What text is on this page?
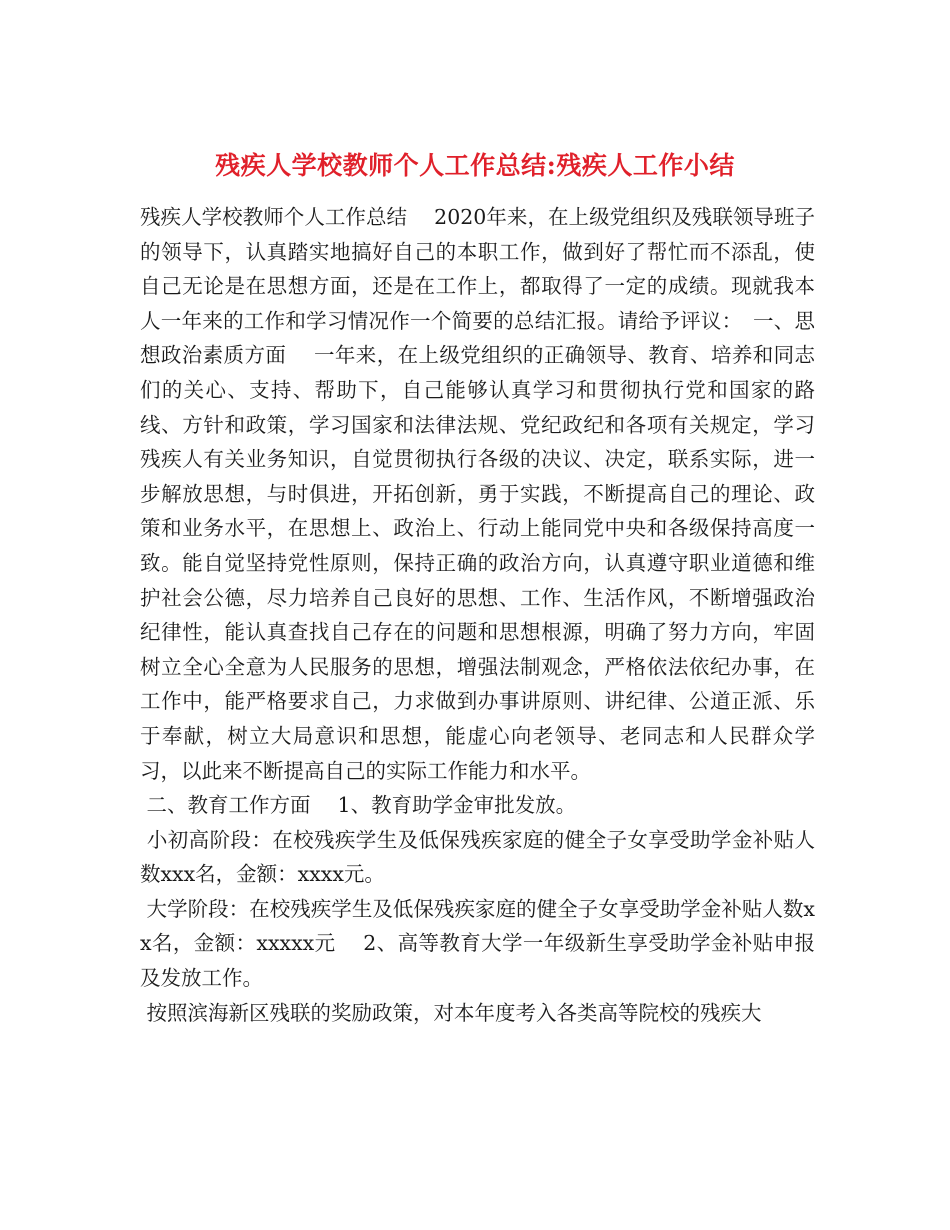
残疾人学校教师个人工作总结:残疾人工作小结

残疾人学校教师个人工作总结　 2020年来，在上级党组织及残联领导班子的领导下，认真踏实地搞好自己的本职工作，做到好了帮忙而不添乱，使自己无论是在思想方面，还是在工作上，都取得了一定的成绩。现就我本人一年来的工作和学习情况作一个简要的总结汇报。请给予评议：　一、思想政治素质方面　 一年来，在上级党组织的正确领导、教育、培养和同志们的关心、支持、帮助下，自己能够认真学习和贯彻执行党和国家的路线、方针和政策，学习国家和法律法规、党纪政纪和各项有关规定，学习残疾人有关业务知识，自觉贯彻执行各级的决议、决定，联系实际，进一步解放思想，与时俱进，开拓创新，勇于实践，不断提高自己的理论、政策和业务水平，在思想上、政治上、行动上能同党中央和各级保持高度一致。能自觉坚持党性原则，保持正确的政治方向，认真遵守职业道德和维护社会公德，尽力培养自己良好的思想、工作、生活作风，不断增强政治纪律性，能认真查找自己存在的问题和思想根源，明确了努力方向，牢固树立全心全意为人民服务的思想，增强法制观念，严格依法依纪办事，在工作中，能严格要求自己，力求做到办事讲原则、讲纪律、公道正派、乐于奉献，树立大局意识和思想，能虚心向老领导、老同志和人民群众学习，以此来不断提高自己的实际工作能力和水平。

二、教育工作方面　 1、教育助学金审批发放。

小初高阶段：在校残疾学生及低保残疾家庭的健全子女享受助学金补贴人数xxx名，金额：xxxx元。

大学阶段：在校残疾学生及低保残疾家庭的健全子女享受助学金补贴人数xx名，金额：xxxxx元　 2、高等教育大学一年级新生享受助学金补贴申报及发放工作。

按照滨海新区残联的奖励政策，对本年度考入各类高等院校的残疾大
